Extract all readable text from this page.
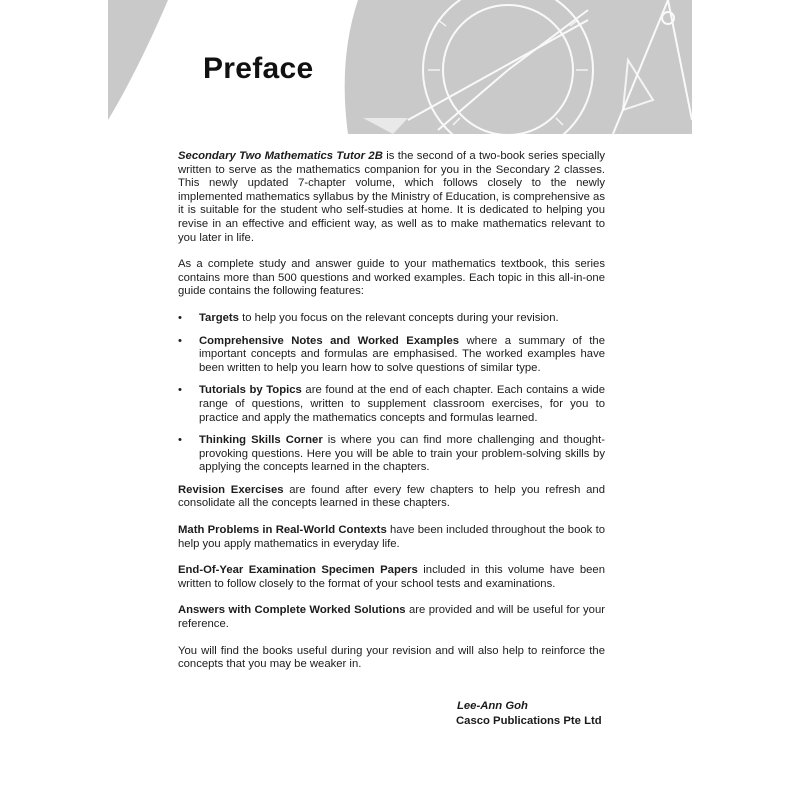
Preface

Secondary Two Mathematics Tutor 2B is the second of a two-book series specially written to serve as the mathematics companion for you in the Secondary 2 classes. This newly updated 7-chapter volume, which follows closely to the newly implemented mathematics syllabus by the Ministry of Education, is comprehensive as it is suitable for the student who self-studies at home. It is dedicated to helping you revise in an effective and efficient way, as well as to make mathematics relevant to you later in life.

As a complete study and answer guide to your mathematics textbook, this series contains more than 500 questions and worked examples. Each topic in this all-in-one guide contains the following features:

• Targets to help you focus on the relevant concepts during your revision.
• Comprehensive Notes and Worked Examples where a summary of the important concepts and formulas are emphasised. The worked examples have been written to help you learn how to solve questions of similar type.
• Tutorials by Topics are found at the end of each chapter. Each contains a wide range of questions, written to supplement classroom exercises, for you to practice and apply the mathematics concepts and formulas learned.
• Thinking Skills Corner is where you can find more challenging and thought-provoking questions. Here you will be able to train your problem-solving skills by applying the concepts learned in the chapters.

Revision Exercises are found after every few chapters to help you refresh and consolidate all the concepts learned in these chapters.

Math Problems in Real-World Contexts have been included throughout the book to help you apply mathematics in everyday life.

End-Of-Year Examination Specimen Papers included in this volume have been written to follow closely to the format of your school tests and examinations.

Answers with Complete Worked Solutions are provided and will be useful for your reference.

You will find the books useful during your revision and will also help to reinforce the concepts that you may be weaker in.

Lee-Ann Goh
Casco Publications Pte Ltd
